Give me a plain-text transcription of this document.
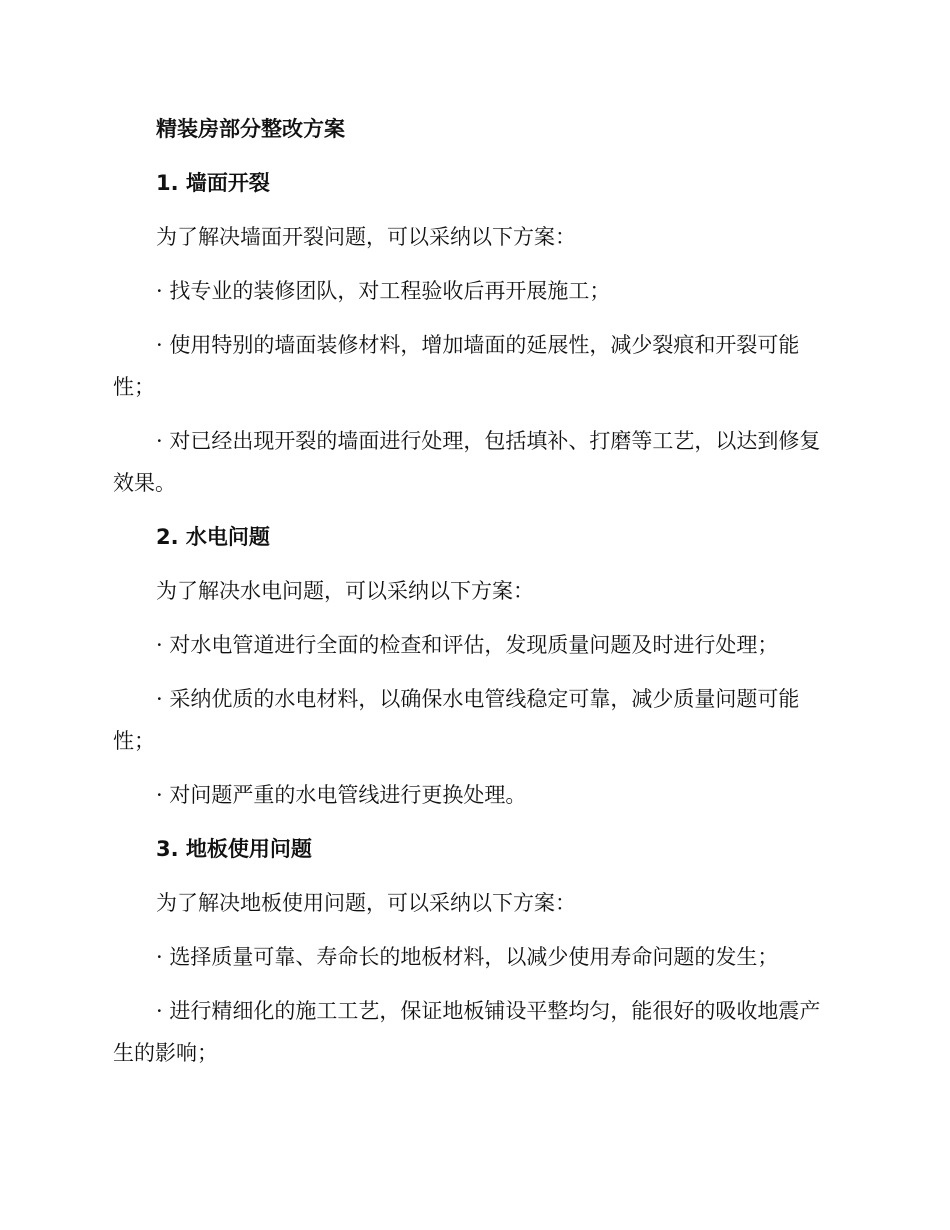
精装房部分整改方案

1. 墙面开裂

为了解决墙面开裂问题，可以采纳以下方案：

· 找专业的装修团队，对工程验收后再开展施工；

· 使用特别的墙面装修材料，增加墙面的延展性，减少裂痕和开裂可能性；

· 对已经出现开裂的墙面进行处理，包括填补、打磨等工艺，以达到修复效果。

2. 水电问题

为了解决水电问题，可以采纳以下方案：

· 对水电管道进行全面的检查和评估，发现质量问题及时进行处理；

· 采纳优质的水电材料，以确保水电管线稳定可靠，减少质量问题可能性；

· 对问题严重的水电管线进行更换处理。

3. 地板使用问题

为了解决地板使用问题，可以采纳以下方案：

· 选择质量可靠、寿命长的地板材料，以减少使用寿命问题的发生；

· 进行精细化的施工工艺，保证地板铺设平整均匀，能很好的吸收地震产生的影响；
